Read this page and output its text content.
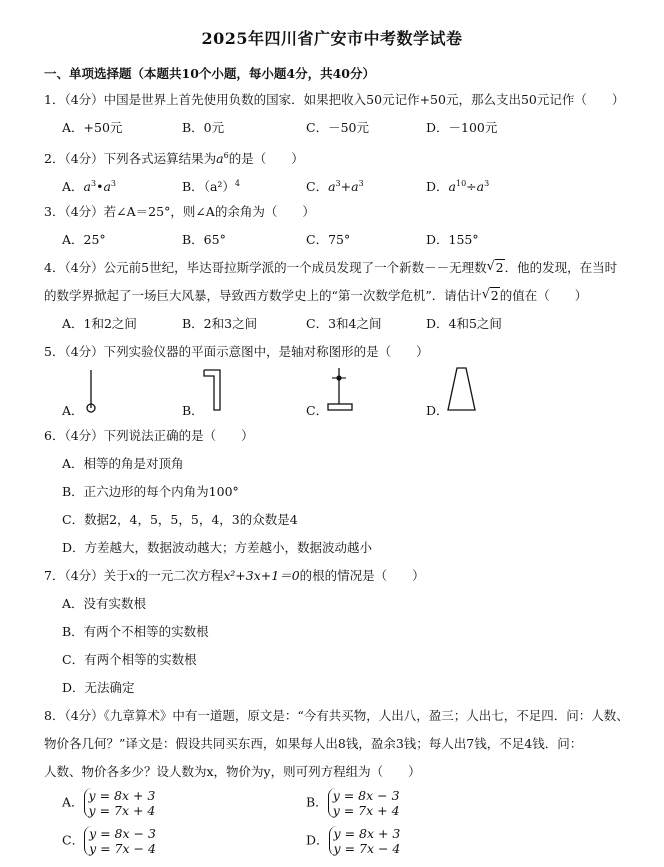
2025年四川省广安市中考数学试卷
一、单项选择题（本题共10个小题，每小题4分，共40分）
1．（4分）中国是世界上首先使用负数的国家．如果把收入50元记作+50元，那么支出50元记作（　　）
A．+50元	B．0元	C．－50元	D．－100元
2．（4分）下列各式运算结果为$a^6$的是（　　）
A．$a^3•a^3$	B．$(a^2)^4$	C．$a^3+a^3$	D．$a^{10}\div a^3$
3．（4分）若∠A＝25°，则∠A的余角为（　　）
A．25°	B．65°	C．75°	D．155°
4．（4分）公元前5世纪，毕达哥拉斯学派的一个成员发现了一个新数－－无理数 √ 2．他的发现，在当时
的数学界掀起了一场巨大风暴，导致西方数学史上的“第一次数学危机”．请估计 √ 2的值在（　　）
A．1和2之间	B．2和3之间	C．3和4之间	D．4和5之间
5．（4分）下列实验仪器的平面示意图中，是轴对称图形的是（　　）
A．	B．	C．	D．
6．（4分）下列说法正确的是（　　）
A．相等的角是对顶角
B．正六边形的每个内角为100°
C．数据2，4，5，5，5，4，3的众数是4
D．方差越大，数据波动越大；方差越小，数据波动越小
7．（4分）关于x的一元二次方程x²+3x+1＝0的根的情况是（　　）
A．没有实数根
B．有两个不相等的实数根
C．有两个相等的实数根
D．无法确定
8．（4分）《九章算术》中有一道题，原文是：“今有共买物，人出八，盈三；人出七，不足四．问：人数、
物价各几何？”译文是：假设共同买东西，如果每人出8钱，盈余3钱；每人出7钱，不足4钱．问：
人数、物价各多少？设人数为x，物价为y，则可列方程组为（　　）
A． y = 8x + 3
y = 7x + 4
B． y = 8x − 3
y = 7x + 4
C． y = 8x − 3
y = 7x − 4
D． y = 8x + 3
y = 7x − 4
